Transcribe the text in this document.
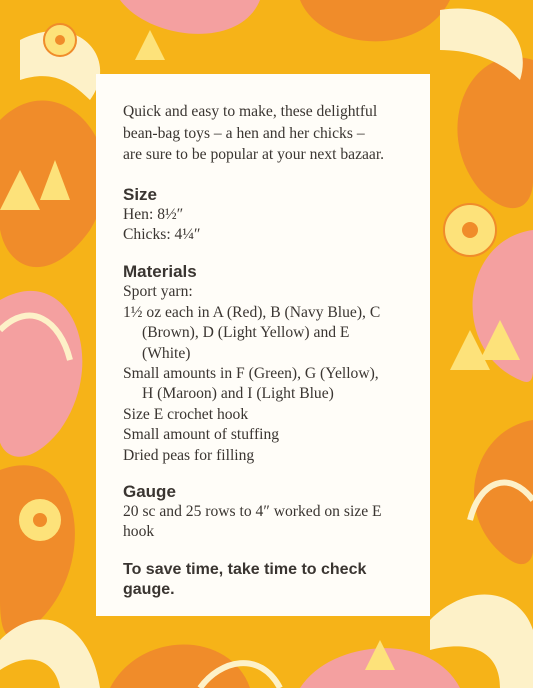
Quick and easy to make, these delightful
bean-bag toys – a hen and her chicks –
are sure to be popular at your next bazaar.

Size
Hen: 8½″
Chicks: 4¼″
Materials
Sport yarn:
1½ oz each in A (Red), B (Navy Blue), C
(Brown), D (Light Yellow) and E
(White)
Small amounts in F (Green), G (Yellow),
H (Maroon) and I (Light Blue)
Size E crochet hook
Small amount of stuffing
Dried peas for filling
Gauge
20 sc and 25 rows to 4″ worked on size E
hook
To save time, take time to check
gauge.
